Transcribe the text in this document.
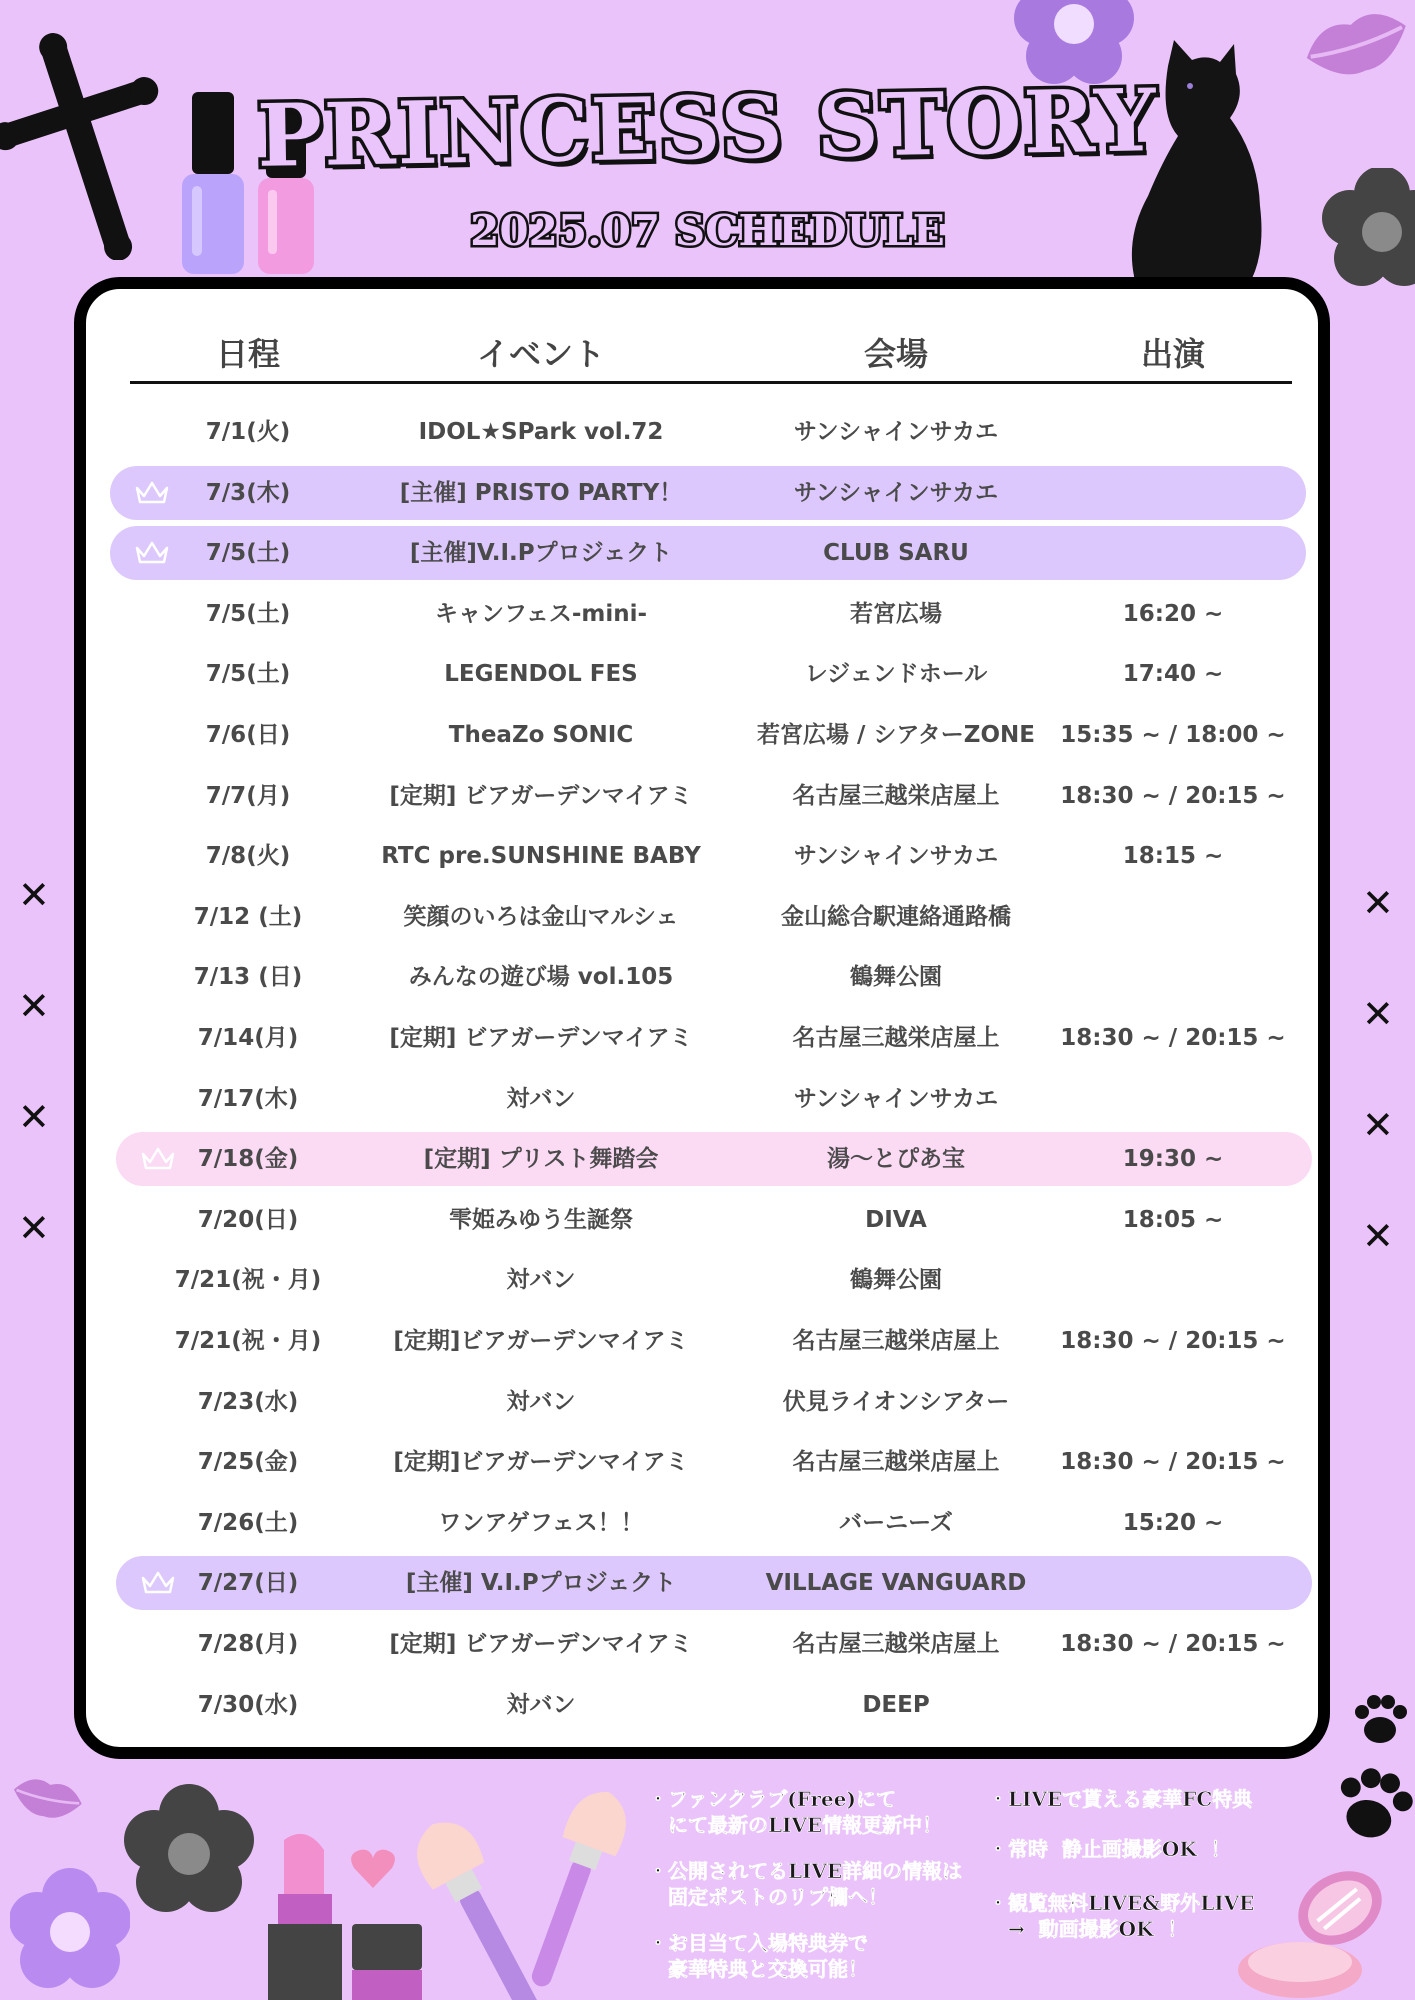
PRINCESS STORY
2025.07 SCHEDULE
✕
✕
✕
✕
✕
✕
✕
✕
日程	イベント	会場	出演
7/1(火)	IDOL★SPark vol.72	サンシャインサカエ
7/3(木)	[主催] PRISTO PARTY！	サンシャインサカエ
7/5(土)	[主催]V.I.Pプロジェクト	CLUB SARU
7/5(土)	キャンフェス-mini-	若宮広場	16:20 ~
7/5(土)	LEGENDOL FES	レジェンドホール	17:40 ~
7/6(日)	TheaZo SONIC	若宮広場 / シアターZONE 15:35 ~ / 18:00 ~
7/7(月)	[定期] ビアガーデンマイアミ	名古屋三越栄店屋上	18:30 ~ / 20:15 ~
7/8(火)	RTC pre.SUNSHINE BABY	サンシャインサカエ	18:15 ~
7/12 (土)	笑顔のいろは金山マルシェ	金山総合駅連絡通路橋
7/13 (日)	みんなの遊び場 vol.105	鶴舞公園
7/14(月)	[定期] ビアガーデンマイアミ	名古屋三越栄店屋上	18:30 ~ / 20:15 ~
7/17(木)	対バン	サンシャインサカエ
7/18(金)	[定期] プリスト舞踏会	湯～とぴあ宝	19:30 ~
7/20(日)	雫姫みゆう生誕祭	DIVA	18:05 ~
7/21(祝・月)	対バン	鶴舞公園
7/21(祝・月)	[定期]ビアガーデンマイアミ	名古屋三越栄店屋上	18:30 ~ / 20:15 ~
7/23(水)	対バン	伏見ライオンシアター
7/25(金)	[定期]ビアガーデンマイアミ	名古屋三越栄店屋上	18:30 ~ / 20:15 ~
7/26(土)	ワンアゲフェス！！	バーニーズ	15:20 ~
7/27(日)	[主催] V.I.Pプロジェクト	VILLAGE VANGUARD
7/28(月)	[定期] ビアガーデンマイアミ	名古屋三越栄店屋上	18:30 ~ / 20:15 ~
7/30(水)	対バン	DEEP
・ファンクラブ(Free)にて
　にて最新のLIVE情報更新中！
・公開されてるLIVE詳細の情報は
　固定ポストのリプ欄へ！
・お目当て入場特典券で
　豪華特典と交換可能！
・LIVEで貰える豪華FC特典
・常時  静止画撮影OK  ！
・観覧無料LIVE&野外LIVE
　→  動画撮影OK  ！
